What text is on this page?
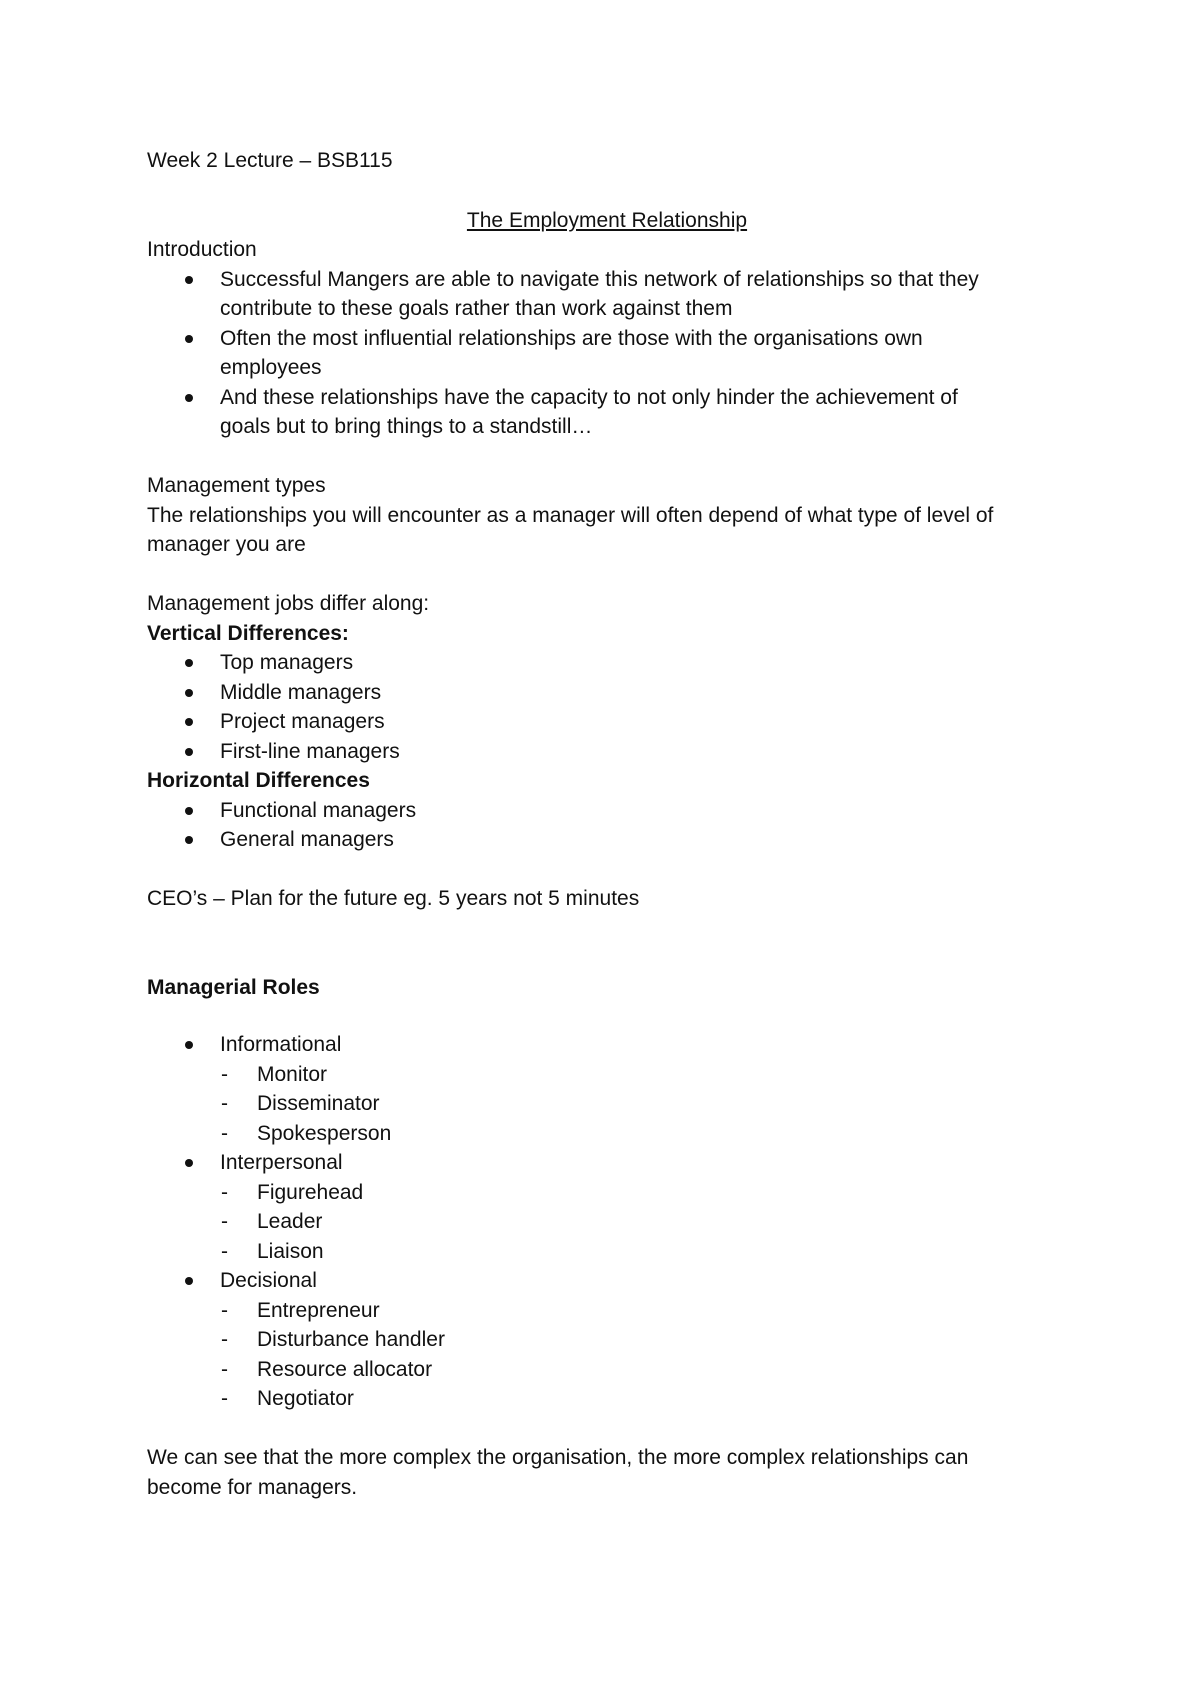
Week 2 Lecture – BSB115
The Employment Relationship
Introduction
Successful Mangers are able to navigate this network of relationships so that they
contribute to these goals rather than work against them
Often the most influential relationships are those with the organisations own
employees
And these relationships have the capacity to not only hinder the achievement of
goals but to bring things to a standstill…
Management types
The relationships you will encounter as a manager will often depend of what type of level of
manager you are
Management jobs differ along:
Vertical Differences:
Top managers
Middle managers
Project managers
First-line managers
Horizontal Differences
Functional managers
General managers
CEO’s – Plan for the future eg. 5 years not 5 minutes
Managerial Roles
Informational
- Monitor
- Disseminator
- Spokesperson
Interpersonal
- Figurehead
- Leader
- Liaison
Decisional
- Entrepreneur
- Disturbance handler
- Resource allocator
- Negotiator
We can see that the more complex the organisation, the more complex relationships can
become for managers.
